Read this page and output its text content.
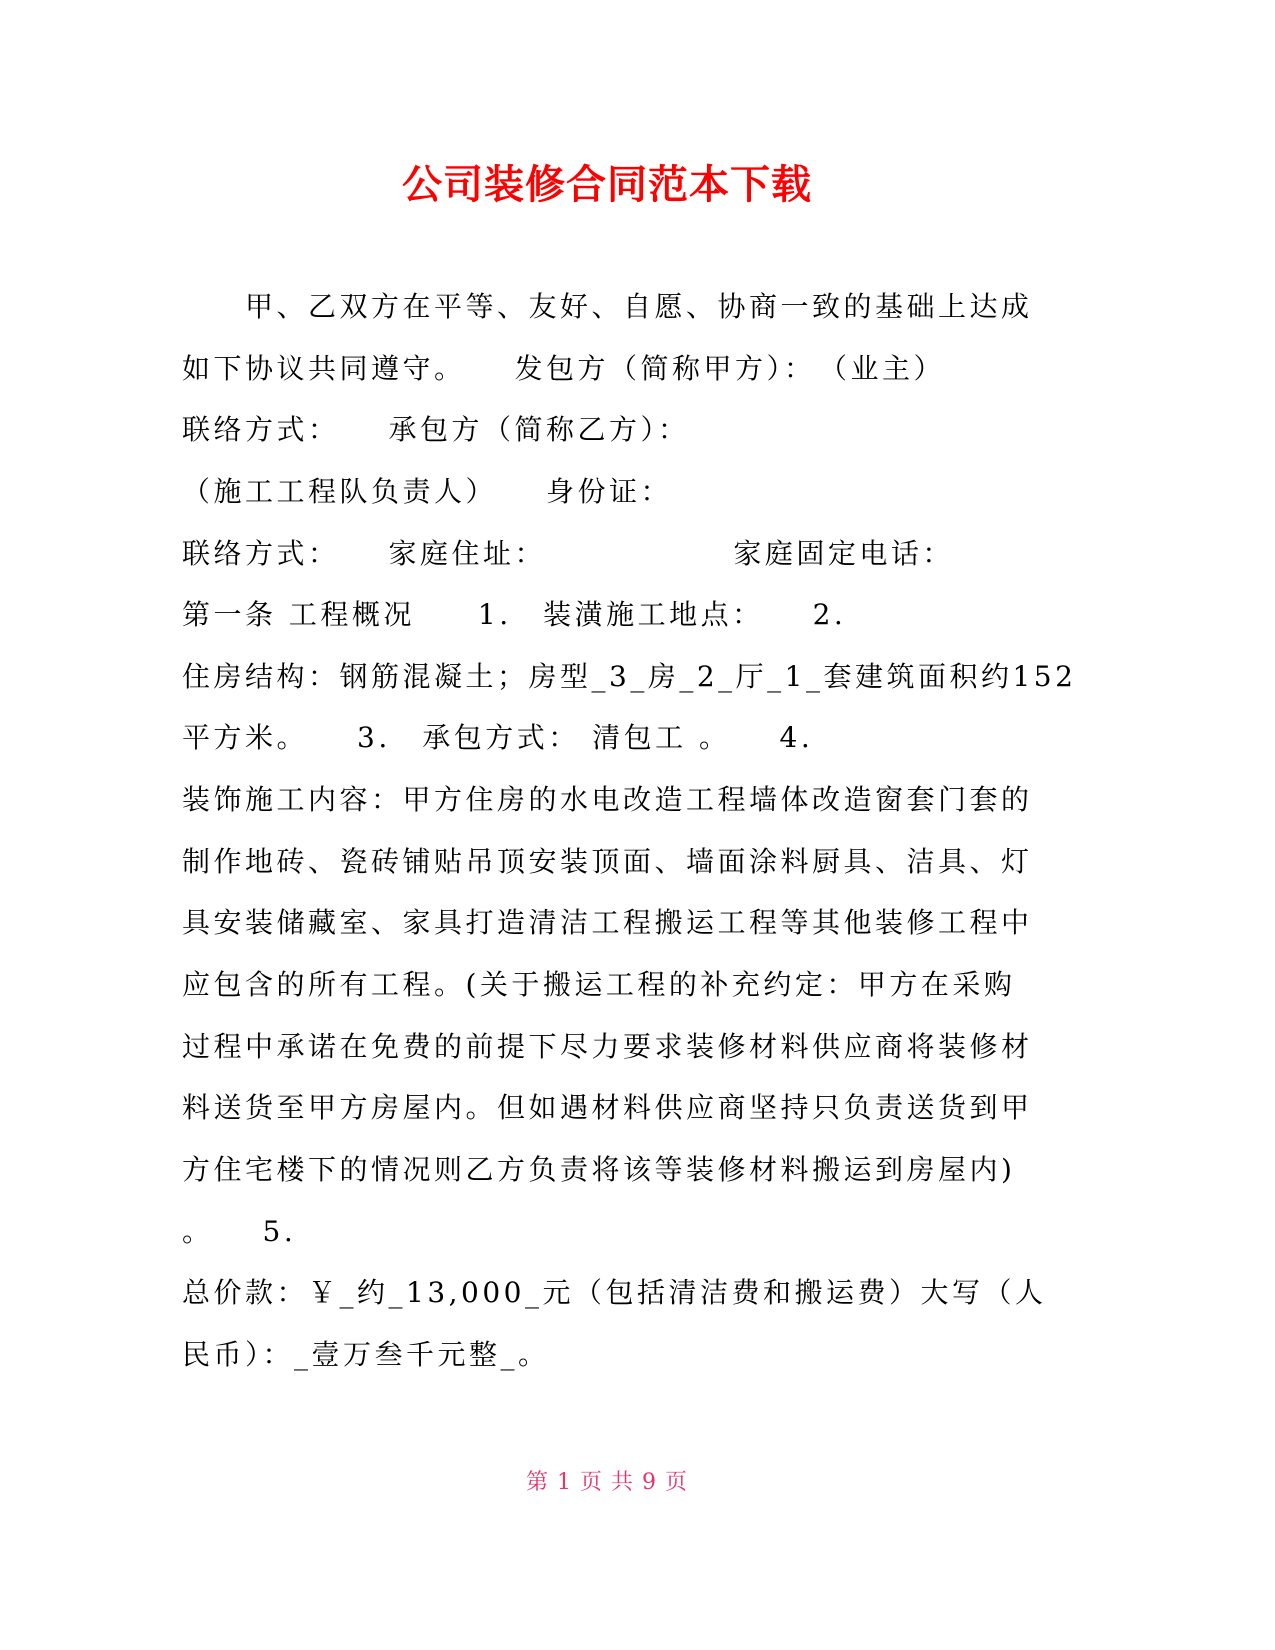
公司装修合同范本下载
甲、乙双方在平等、友好、自愿、协商一致的基础上达成
如下协议共同遵守。　　发包方（简称甲方）：　（业主）
联络方式：　　承包方（简称乙方）：
（施工工程队负责人）　　身份证：
联络方式：　　家庭住址：　　　　　　 家庭固定电话：
第一条 工程概况　　1.　装潢施工地点：　　2.
住房结构：钢筋混凝土；房型_3_房_2_厅_1_套建筑面积约152
平方米。　　3.　承包方式： 清包工 。　　4.
装饰施工内容：甲方住房的水电改造工程墙体改造窗套门套的
制作地砖、瓷砖铺贴吊顶安装顶面、墙面涂料厨具、洁具、灯
具安装储藏室、家具打造清洁工程搬运工程等其他装修工程中
应包含的所有工程。(关于搬运工程的补充约定：甲方在采购
过程中承诺在免费的前提下尽力要求装修材料供应商将装修材
料送货至甲方房屋内。但如遇材料供应商坚持只负责送货到甲
方住宅楼下的情况则乙方负责将该等装修材料搬运到房屋内)
。　　5.
总价款：￥_约_13,000_元（包括清洁费和搬运费）大写（人
民币）：_壹万叁千元整_。
第 1 页 共 9 页
